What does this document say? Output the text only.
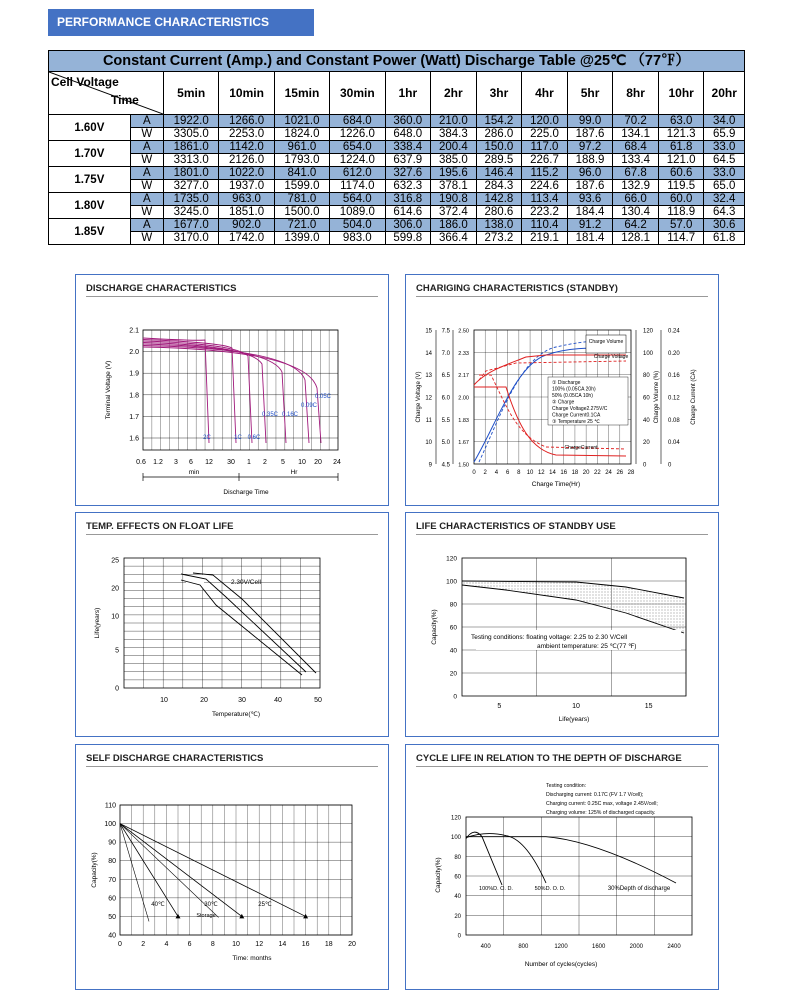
PERFORMANCE CHARACTERISTICS
Constant Current (Amp.) and Constant Power (Watt) Discharge Table @25℃ （77℉）													

Cell Voltage
Time		5min	10min	15min	30min	1hr	2hr	3hr	4hr	5hr	8hr	10hr	20hr
1.60V	A	1922.0	1266.0	1021.0	684.0	360.0	210.0	154.2	120.0	99.0	70.2	63.0	34.0
	W	3305.0	2253.0	1824.0	1226.0	648.0	384.3	286.0	225.0	187.6	134.1	121.3	65.9
1.70V	A	1861.0	1142.0	961.0	654.0	338.4	200.4	150.0	117.0	97.2	68.4	61.8	33.0
	W	3313.0	2126.0	1793.0	1224.0	637.9	385.0	289.5	226.7	188.9	133.4	121.0	64.5
1.75V	A	1801.0	1022.0	841.0	612.0	327.6	195.6	146.4	115.2	96.0	67.8	60.6	33.0
	W	3277.0	1937.0	1599.0	1174.0	632.3	378.1	284.3	224.6	187.6	132.9	119.5	65.0
1.80V	A	1735.0	963.0	781.0	564.0	316.8	190.8	142.8	113.4	93.6	66.0	60.0	32.4
	W	3245.0	1851.0	1500.0	1089.0	614.6	372.4	280.6	223.2	184.4	130.4	118.9	64.3
1.85V	A	1677.0	902.0	721.0	504.0	306.0	186.0	138.0	110.4	91.2	64.2	57.0	30.6
	W	3170.0	1742.0	1399.0	983.0	599.8	366.4	273.2	219.1	181.4	128.1	114.7	61.8
DISCHARGE CHARACTERISTICS
2.1
2.0
1.9
1.8
1.7
1.6
Terminal Voltage (V)
0.6 1.2 3 6 12 30 1 2 5 10 20 24
min	Hr
Discharge Time
2C	1C 0.6C
0.35C 0.16C
0.09C
0.05C
CHARIGING CHARACTERISTICS (STANDBY)
15 7.5 2.50	120 0.24
14 7.0 2.33	100 0.20
13 6.5 2.17	80	0.16
12 6.0 2.00	60	0.12
11 5.5 1.83	40	0.08
10 5.0 1.67	20	0.04
9 4.5 1.50	0	0
0 2 4 6 8 10 12 14 16 18 20 22 24 26 28
Charge Time(Hr)
Charge Voltage (V)	Charge Volume (%)	Charge Current (CA)
Charge Volume
Charge Voltage
ChargeCurrent
① Discharge
100% (0.05CA 20h)
50% (0.05CA 10h)
② Charge
Charge Voltage2.275V/C
Charge Current0.1CA
③ Temperature 25 ℃
TEMP. EFFECTS ON FLOAT LIFE
25
20
10
5
0
10	20	30	40	50
Temperature(℃)
Life(years)
2.30V/Cell
LIFE CHARACTERISTICS OF STANDBY USE
120
100
80
60
40
20
0
5	10	15
Life(years)
Capacity(%)	Testing conditions: floating voltage: 2.25 to 2.30 V/Cell
ambient temperature: 25 ℃(77 ℉)
SELF DISCHARGE CHARACTERISTICS
110
100
90
80
70
60
50
40
0	2	4	6	8 10 12 14 16 18 20
Time: months
Capacity(%)
40℃	30℃	25℃
Storage
CYCLE LIFE IN RELATION TO THE DEPTH OF DISCHARGE
Testing condition:
Discharging current: 0.17C (FV 1.7 V/cell);
Charging current: 0.25C max, voltage 2.45V/cell;
Charging volume: 125% of discharged capacity.
120
100
80
60
40
20
0
400	800	1200	1600	2000	2400
Number of cycles(cycles)
Capacity(%)	100%D. O. D.	50%D. O. D.	30%Depth of discharge
